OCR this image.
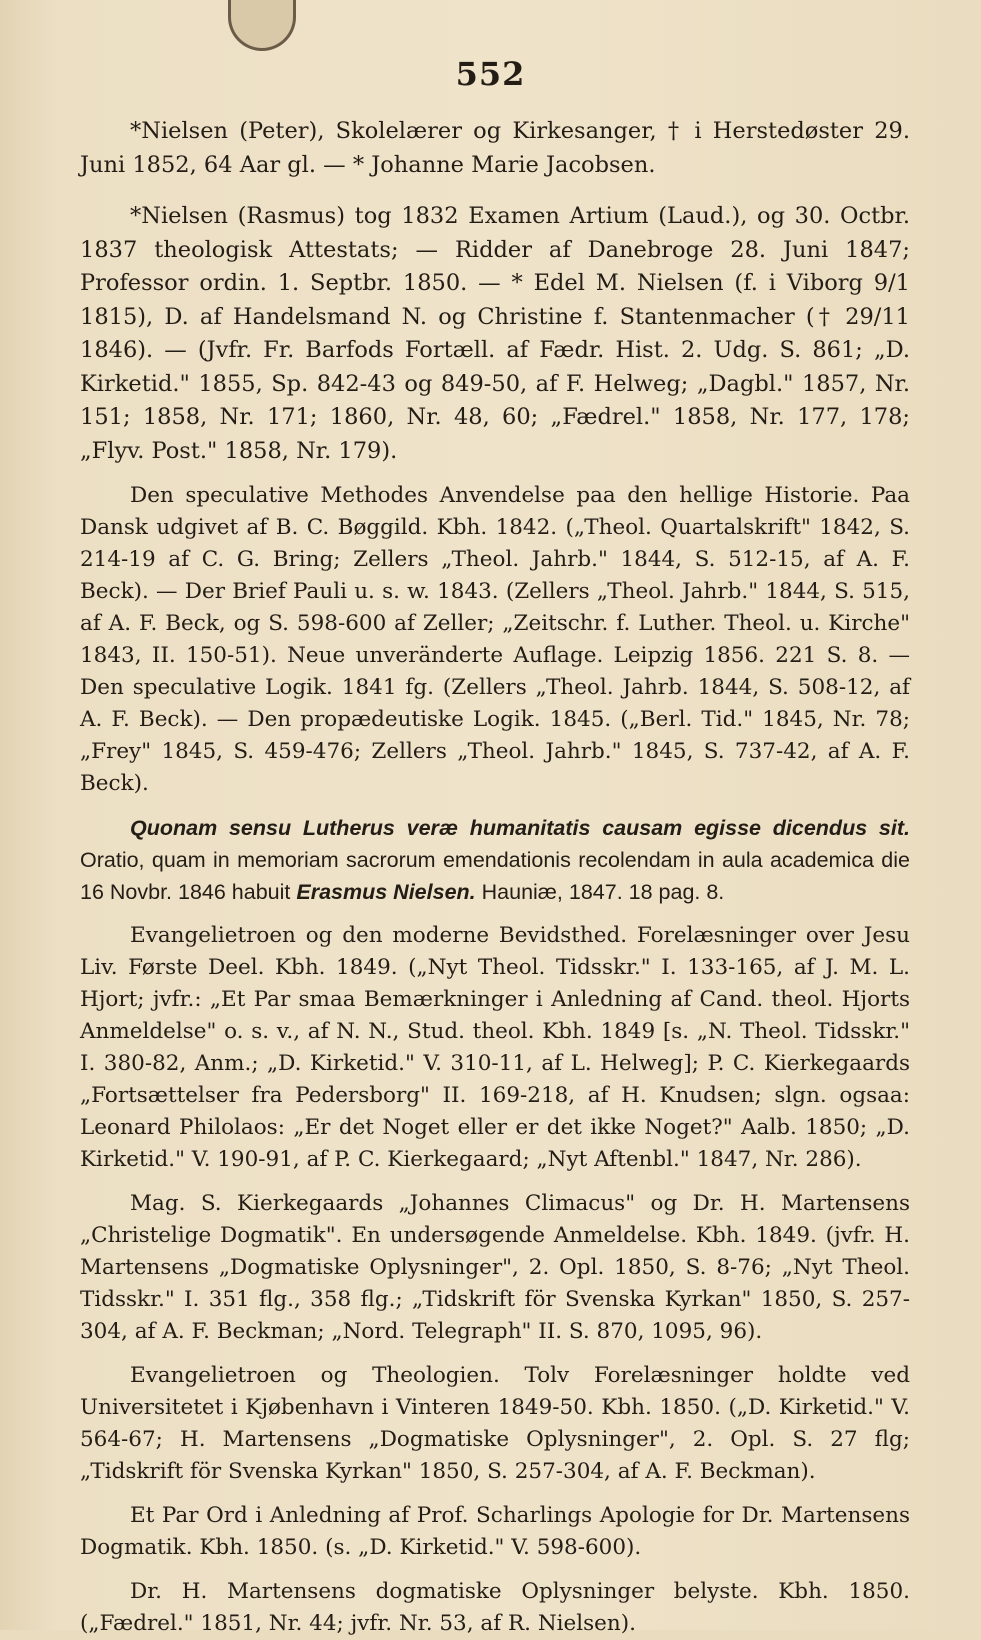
552

*Nielsen (Peter), Skolelærer og Kirkesanger, † i Herstedøster 29. Juni 1852, 64 Aar gl. — * Johanne Marie Jacobsen.

*Nielsen (Rasmus) tog 1832 Examen Artium (Laud.), og 30. Octbr. 1837 theologisk Attestats; — Ridder af Danebroge 28. Juni 1847; Professor ordin. 1. Septbr. 1850. — * Edel M. Nielsen (f. i Viborg 9/1 1815), D. af Handelsmand N. og Christine f. Stantenmacher († 29/11 1846). — (Jvfr. Fr. Barfods Fortæll. af Fædr. Hist. 2. Udg. S. 861; „D. Kirketid." 1855, Sp. 842-43 og 849-50, af F. Helweg; „Dagbl." 1857, Nr. 151; 1858, Nr. 171; 1860, Nr. 48, 60; „Fædrel." 1858, Nr. 177, 178; „Flyv. Post." 1858, Nr. 179).

Den speculative Methodes Anvendelse paa den hellige Historie. Paa Dansk udgivet af B. C. Bøggild. Kbh. 1842. („Theol. Quartalskrift" 1842, S. 214-19 af C. G. Bring; Zellers „Theol. Jahrb." 1844, S. 512-15, af A. F. Beck). — Der Brief Pauli u. s. w. 1843. (Zellers „Theol. Jahrb." 1844, S. 515, af A. F. Beck, og S. 598-600 af Zeller; „Zeitschr. f. Luther. Theol. u. Kirche" 1843, II. 150-51). Neue unveränderte Auflage. Leipzig 1856. 221 S. 8. — Den speculative Logik. 1841 fg. (Zellers „Theol. Jahrb. 1844, S. 508-12, af A. F. Beck). — Den propædeutiske Logik. 1845. („Berl. Tid." 1845, Nr. 78; „Frey" 1845, S. 459-476; Zellers „Theol. Jahrb." 1845, S. 737-42, af A. F. Beck).

Quonam sensu Lutherus veræ humanitatis causam egisse dicendus sit. Oratio, quam in memoriam sacrorum emendationis recolendam in aula academica die 16 Novbr. 1846 habuit Erasmus Nielsen. Hauniæ, 1847. 18 pag. 8.

Evangelietroen og den moderne Bevidsthed. Forelæsninger over Jesu Liv. Første Deel. Kbh. 1849. („Nyt Theol. Tidsskr." I. 133-165, af J. M. L. Hjort; jvfr.: „Et Par smaa Bemærkninger i Anledning af Cand. theol. Hjorts Anmeldelse" o. s. v., af N. N., Stud. theol. Kbh. 1849 [s. „N. Theol. Tidsskr." I. 380-82, Anm.; „D. Kirketid." V. 310-11, af L. Helweg]; P. C. Kierkegaards „Fortsættelser fra Pedersborg" II. 169-218, af H. Knudsen; slgn. ogsaa: Leonard Philolaos: „Er det Noget eller er det ikke Noget?" Aalb. 1850; „D. Kirketid." V. 190-91, af P. C. Kierkegaard; „Nyt Aftenbl." 1847, Nr. 286).

Mag. S. Kierkegaards „Johannes Climacus" og Dr. H. Martensens „Christelige Dogmatik". En undersøgende Anmeldelse. Kbh. 1849. (jvfr. H. Martensens „Dogmatiske Oplysninger", 2. Opl. 1850, S. 8-76; „Nyt Theol. Tidsskr." I. 351 flg., 358 flg.; „Tidskrift för Svenska Kyrkan" 1850, S. 257-304, af A. F. Beckman; „Nord. Telegraph" II. S. 870, 1095, 96).

Evangelietroen og Theologien. Tolv Forelæsninger holdte ved Universitetet i Kjøbenhavn i Vinteren 1849-50. Kbh. 1850. („D. Kirketid." V. 564-67; H. Martensens „Dogmatiske Oplysninger", 2. Opl. S. 27 flg; „Tidskrift för Svenska Kyrkan" 1850, S. 257-304, af A. F. Beckman).

Et Par Ord i Anledning af Prof. Scharlings Apologie for Dr. Martensens Dogmatik. Kbh. 1850. (s. „D. Kirketid." V. 598-600).

Dr. H. Martensens dogmatiske Oplysninger belyste. Kbh. 1850. („Fædrel." 1851, Nr. 44; jvfr. Nr. 53, af R. Nielsen).
